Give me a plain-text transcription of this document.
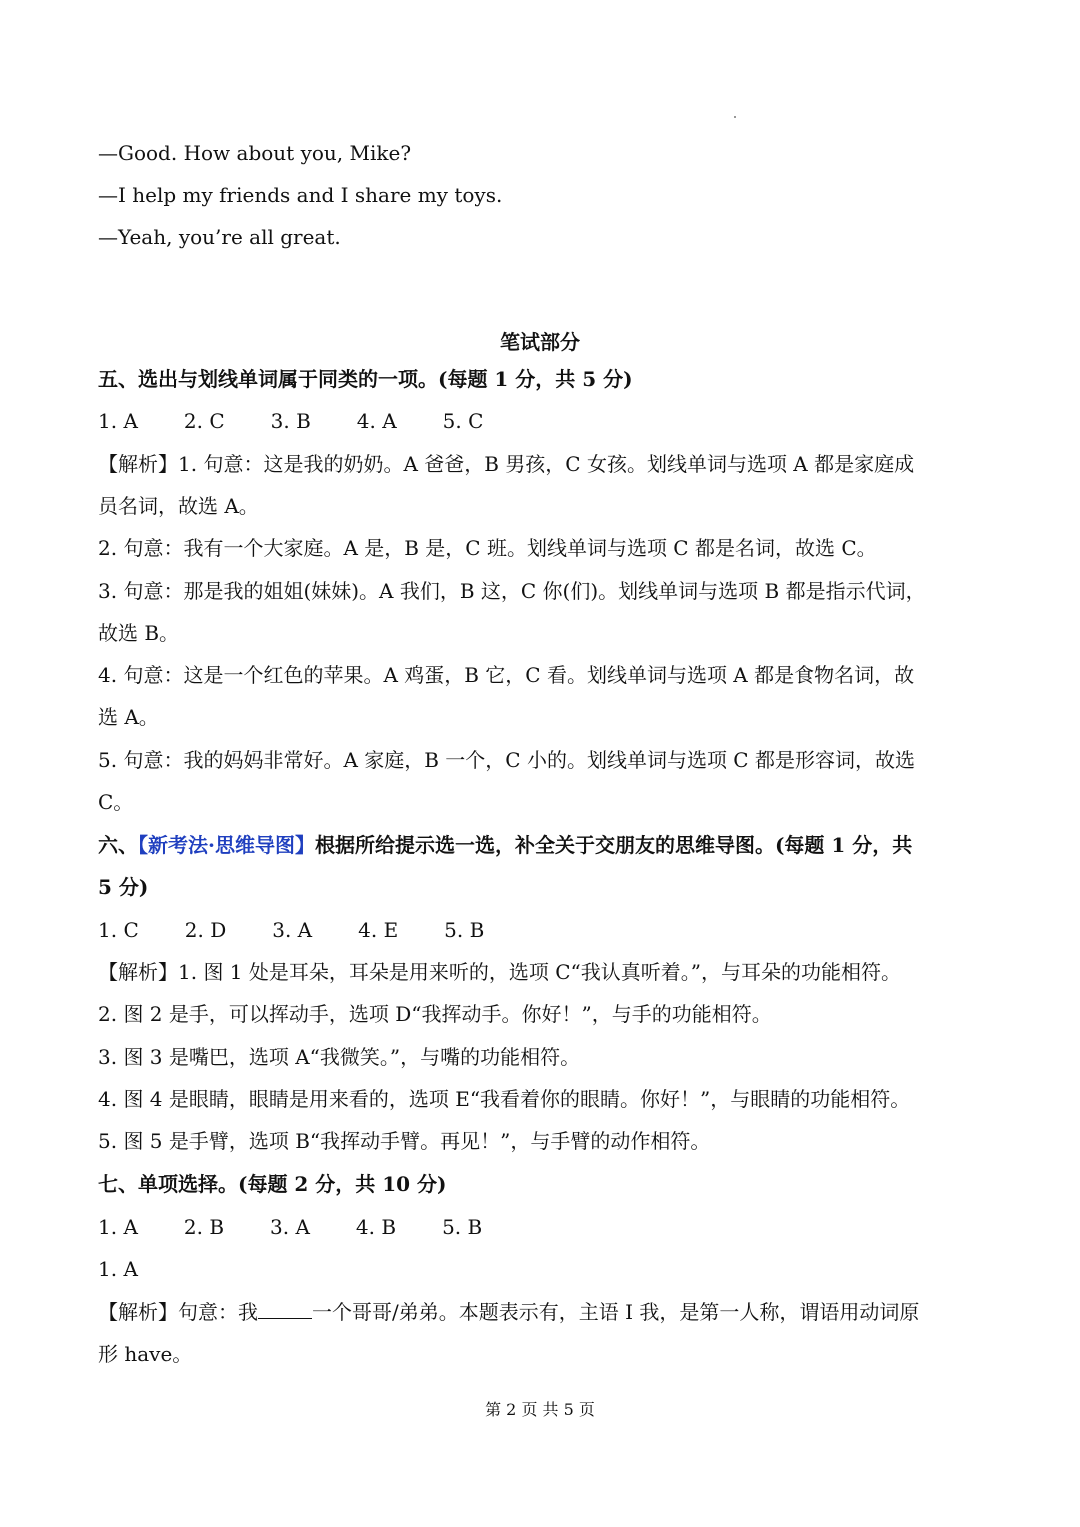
—Good. How about you, Mike?
—I help my friends and I share my toys.
—Yeah, you’re all great.
笔试部分
五、选出与划线单词属于同类的一项。(每题 1 分，共 5 分)
1. A 2. C 3. B 4. A 5. C
【解析】1. 句意：这是我的奶奶。A 爸爸，B 男孩，C 女孩。划线单词与选项 A 都是家庭成
员名词，故选 A。
2. 句意：我有一个大家庭。A 是，B 是，C 班。划线单词与选项 C 都是名词，故选 C。
3. 句意：那是我的姐姐(妹妹)。A 我们，B 这，C 你(们)。划线单词与选项 B 都是指示代词，
故选 B。
4. 句意：这是一个红色的苹果。A 鸡蛋，B 它，C 看。划线单词与选项 A 都是食物名词，故
选 A。
5. 句意：我的妈妈非常好。A 家庭，B 一个，C 小的。划线单词与选项 C 都是形容词，故选
C。
六、【新考法·思维导图】根据所给提示选一选，补全关于交朋友的思维导图。(每题 1 分，共
5 分)
1. C 2. D 3. A 4. E 5. B
【解析】1. 图 1 处是耳朵，耳朵是用来听的，选项 C“我认真听着。”，与耳朵的功能相符。
2. 图 2 是手，可以挥动手，选项 D“我挥动手。你好！”，与手的功能相符。
3. 图 3 是嘴巴，选项 A“我微笑。”，与嘴的功能相符。
4. 图 4 是眼睛，眼睛是用来看的，选项 E“我看着你的眼睛。你好！”，与眼睛的功能相符。
5. 图 5 是手臂，选项 B“我挥动手臂。再见！”，与手臂的动作相符。
七、单项选择。(每题 2 分，共 10 分)
1. A 2. B 3. A 4. B 5. B
1. A
【解析】句意：我	一个哥哥/弟弟。本题表示有，主语 I 我，是第一人称，谓语用动词原
形 have。
第 2 页 共 5 页
